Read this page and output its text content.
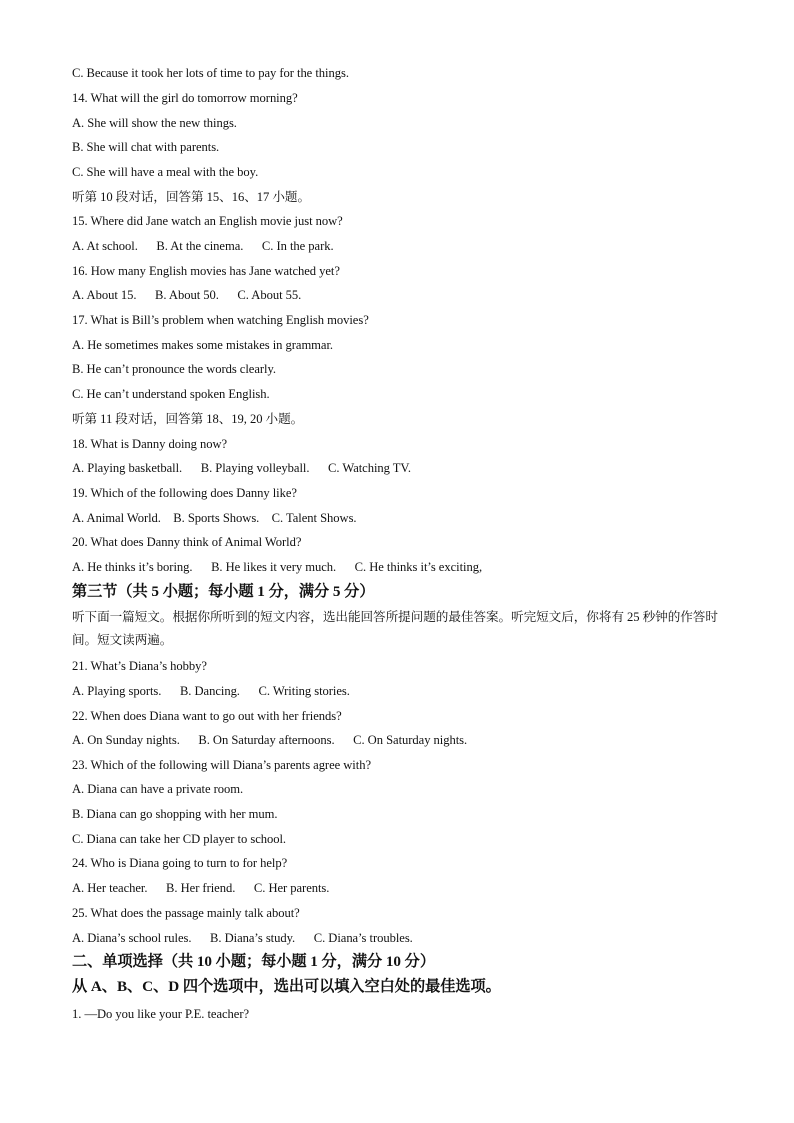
C. Because it took her lots of time to pay for the things.
14. What will the girl do tomorrow morning?
A. She will show the new things.
B. She will chat with parents.
C. She will have a meal with the boy.
听第 10 段对话，回答第 15、16、17 小题。
15. Where did Jane watch an English movie just now?
A. At school.      B. At the cinema.      C. In the park.
16. How many English movies has Jane watched yet?
A. About 15.      B. About 50.      C. About 55.
17. What is Bill’s problem when watching English movies?
A. He sometimes makes some mistakes in grammar.
B. He can’t pronounce the words clearly.
C. He can’t understand spoken English.
听第 11 段对话，回答第 18、19, 20 小题。
18. What is Danny doing now?
A. Playing basketball.      B. Playing volleyball.      C. Watching TV.
19. Which of the following does Danny like?
A. Animal World.    B. Sports Shows.    C. Talent Shows.
20. What does Danny think of Animal World?
A. He thinks it’s boring.      B. He likes it very much.      C. He thinks it’s exciting,
第三节（共 5 小题；每小题 1 分，满分 5 分）
听下面一篇短文。根据你所听到的短文内容，选出能回答所提问题的最佳答案。听完短文后，你将有 25 秒钟的作答时间。短文读两遍。
21. What’s Diana’s hobby?
A. Playing sports.      B. Dancing.      C. Writing stories.
22. When does Diana want to go out with her friends?
A. On Sunday nights.      B. On Saturday afternoons.      C. On Saturday nights.
23. Which of the following will Diana’s parents agree with?
A. Diana can have a private room.
B. Diana can go shopping with her mum.
C. Diana can take her CD player to school.
24. Who is Diana going to turn to for help?
A. Her teacher.      B. Her friend.      C. Her parents.
25. What does the passage mainly talk about?
A. Diana’s school rules.      B. Diana’s study.      C. Diana’s troubles.
二、单项选择（共 10 小题；每小题 1 分，满分 10 分）
从 A、B、C、D 四个选项中，选出可以填入空白处的最佳选项。
1. —Do you like your P.E. teacher?
